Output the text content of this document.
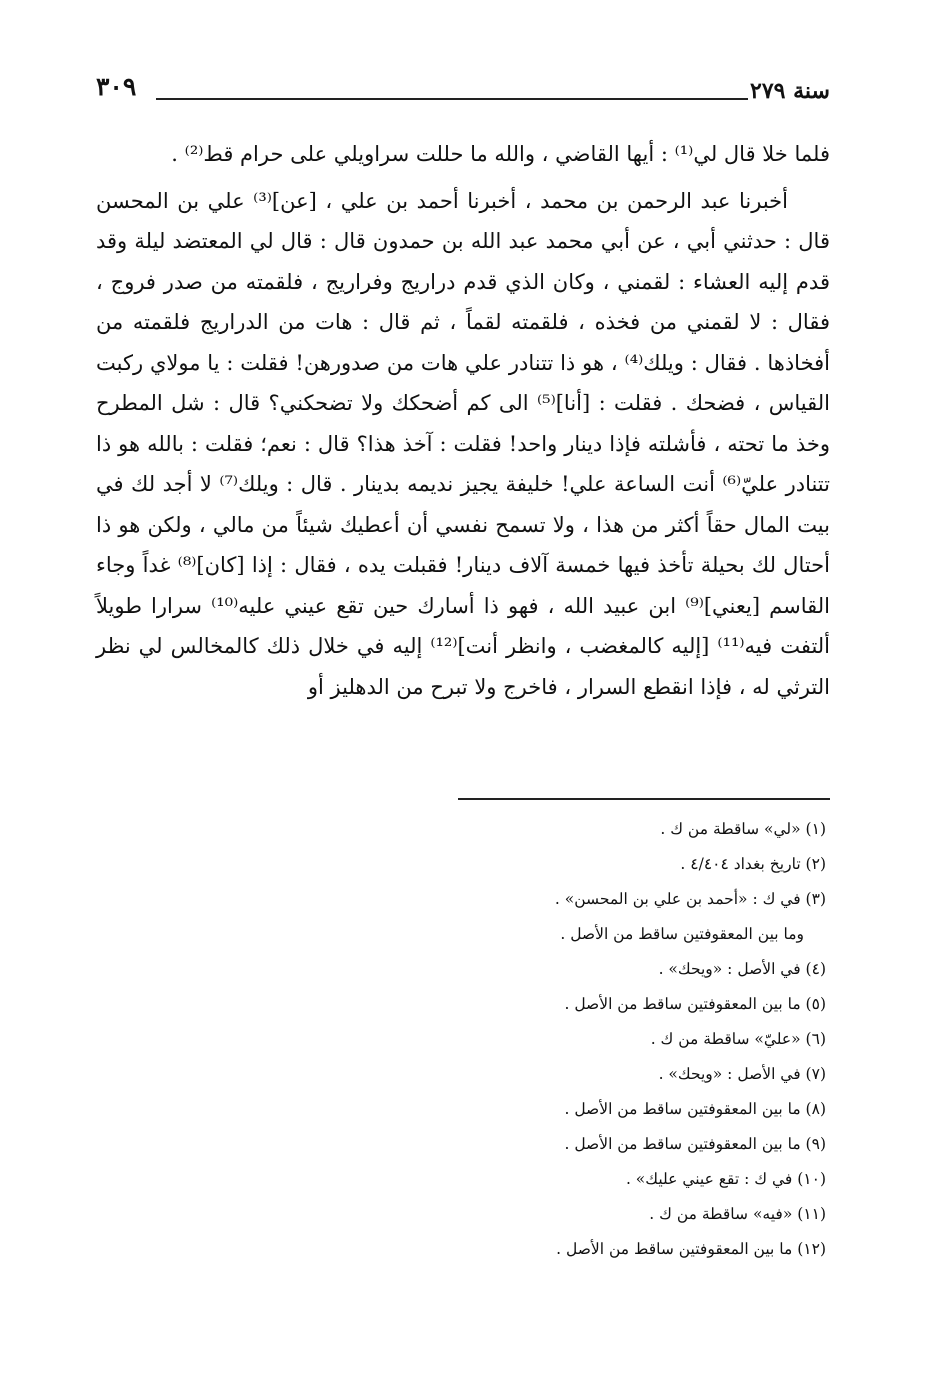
سنة ٢٧٩
٣٠٩

فلما خلا قال لي⁽¹⁾ : أيها القاضي ، والله ما حللت سراويلي على حرام قط⁽²⁾ .

أخبرنا عبد الرحمن بن محمد ، أخبرنا أحمد بن علي ، [عن]⁽³⁾ علي بن المحسن قال : حدثني أبي ، عن أبي محمد عبد الله بن حمدون قال : قال لي المعتضد ليلة وقد قدم إليه العشاء : لقمني ، وكان الذي قدم دراريج وفراريج ، فلقمته من صدر فروج ، فقال : لا لقمني من فخذه ، فلقمته لقماً ، ثم قال : هات من الدراريج فلقمته من أفخاذها . فقال : ويلك⁽⁴⁾ ، هو ذا تتنادر علي هات من صدورهن! فقلت : يا مولاي ركبت القياس ، فضحك . فقلت : [أنا]⁽⁵⁾ الى كم أضحكك ولا تضحكني؟ قال : شل المطرح وخذ ما تحته ، فأشلته فإذا دينار واحد! فقلت : آخذ هذا؟ قال : نعم؛ فقلت : بالله هو ذا تتنادر عليّ⁽⁶⁾ أنت الساعة علي! خليفة يجيز نديمه بدينار . قال : ويلك⁽⁷⁾ لا أجد لك في بيت المال حقاً أكثر من هذا ، ولا تسمح نفسي أن أعطيك شيئاً من مالي ، ولكن هو ذا أحتال لك بحيلة تأخذ فيها خمسة آلاف دينار! فقبلت يده ، فقال : إذا [كان]⁽⁸⁾ غداً وجاء القاسم [يعني]⁽⁹⁾ ابن عبيد الله ، فهو ذا أسارك حين تقع عيني عليه⁽¹⁰⁾ سرارا طويلاً ألتفت فيه⁽¹¹⁾ [إليه كالمغضب ، وانظر أنت]⁽¹²⁾ إليه في خلال ذلك كالمخالس لي نظر الترثي له ، فإذا انقطع السرار ، فاخرج ولا تبرح من الدهليز أو

(١) «لي» ساقطة من ك .

(٢) تاريخ بغداد ٤/٤٠٤ .

(٣) في ك : «أحمد بن علي بن المحسن» .

وما بين المعقوفتين ساقط من الأصل .

(٤) في الأصل : «ويحك» .

(٥) ما بين المعقوفتين ساقط من الأصل .

(٦) «عليّ» ساقطة من ك .

(٧) في الأصل : «ويحك» .

(٨) ما بين المعقوفتين ساقط من الأصل .

(٩) ما بين المعقوفتين ساقط من الأصل .

(١٠) في ك : تقع عيني عليك» .

(١١) «فيه» ساقطة من ك .

(١٢) ما بين المعقوفتين ساقط من الأصل .
